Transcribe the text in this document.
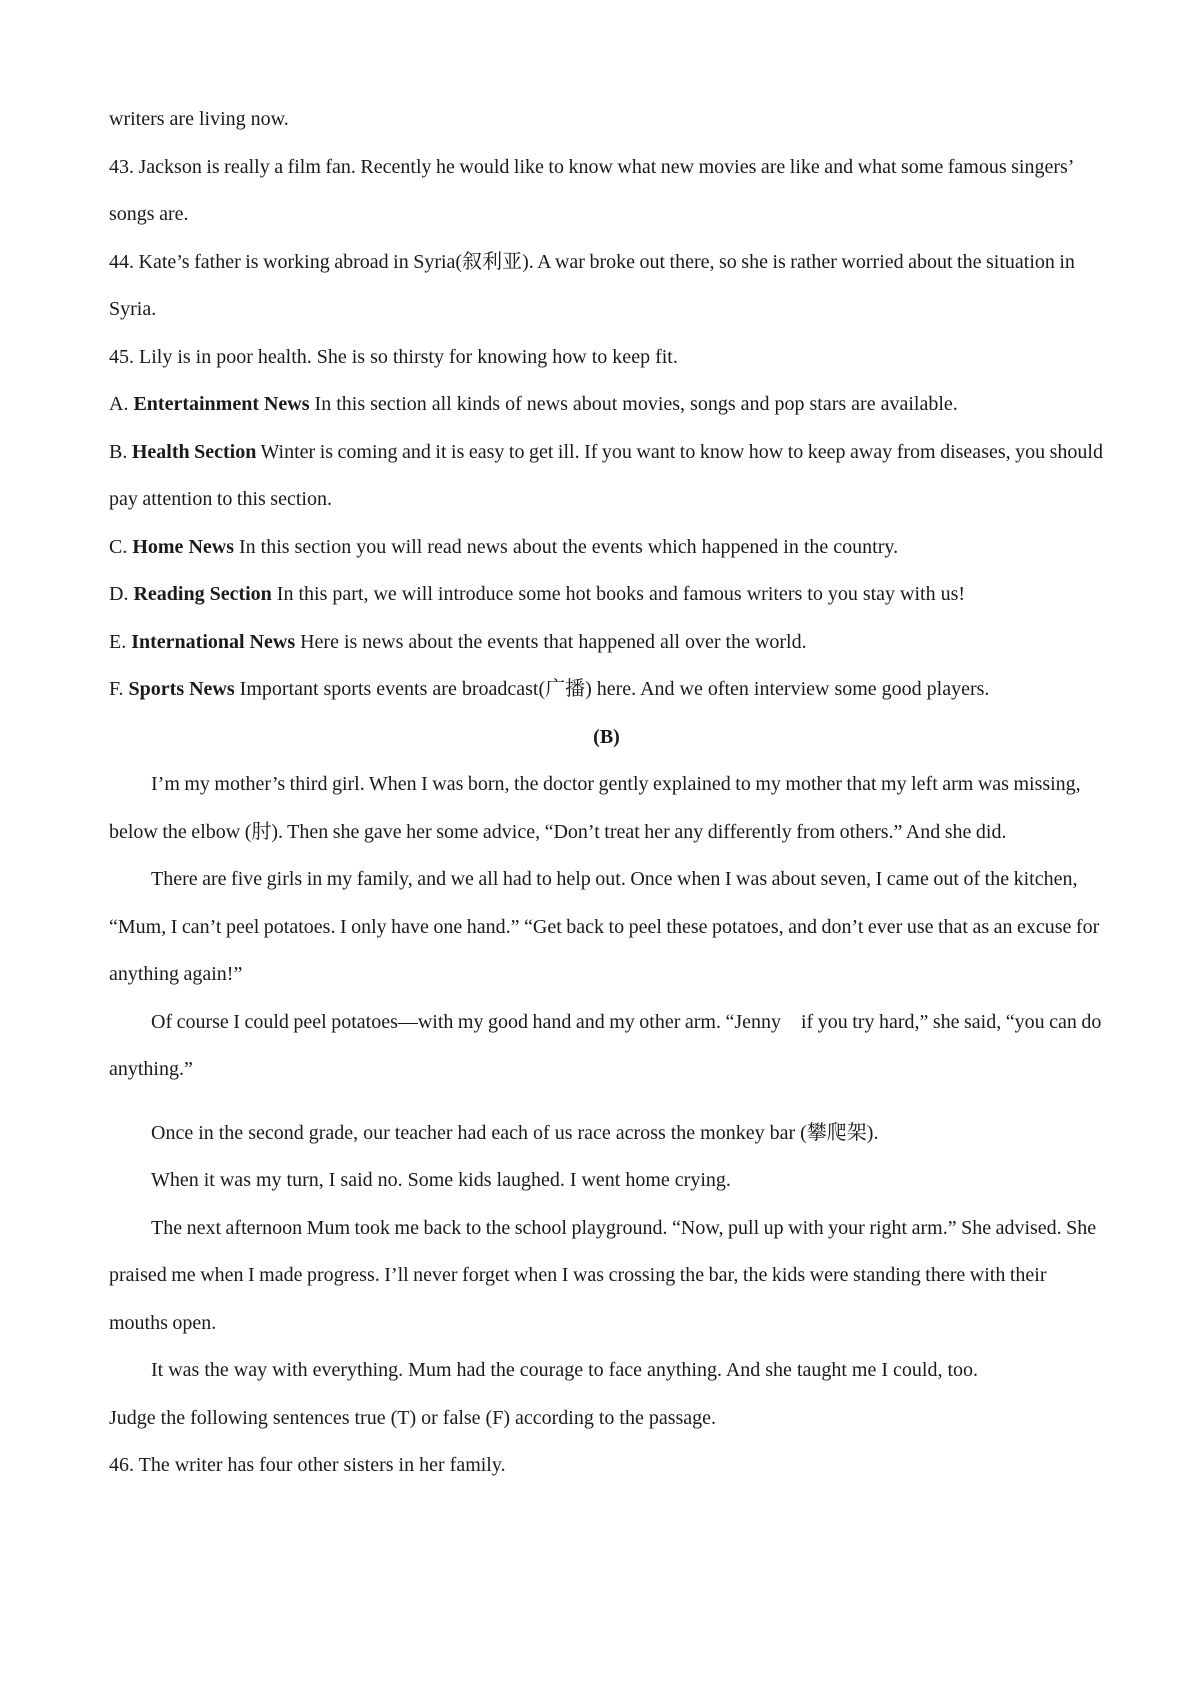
writers are living now.
43. Jackson is really a film fan. Recently he would like to know what new movies are like and what some famous singers’ songs are.
44. Kate’s father is working abroad in Syria(叙利亚). A war broke out there, so she is rather worried about the situation in Syria.
45. Lily is in poor health. She is so thirsty for knowing how to keep fit.
A. Entertainment News In this section all kinds of news about movies, songs and pop stars are available.
B. Health Section Winter is coming and it is easy to get ill. If you want to know how to keep away from diseases, you should pay attention to this section.
C. Home News In this section you will read news about the events which happened in the country.
D. Reading Section In this part, we will introduce some hot books and famous writers to you stay with us!
E. International News Here is news about the events that happened all over the world.
F. Sports News Important sports events are broadcast(广播) here. And we often interview some good players.
(B)
I’m my mother’s third girl. When I was born, the doctor gently explained to my mother that my left arm was missing, below the elbow (肘). Then she gave her some advice, “Don’t treat her any differently from others.” And she did.
There are five girls in my family, and we all had to help out. Once when I was about seven, I came out of the kitchen, “Mum, I can’t peel potatoes. I only have one hand.” “Get back to peel these potatoes, and don’t ever use that as an excuse for anything again!”
Of course I could peel potatoes—with my good hand and my other arm. “Jenny　if you try hard,” she said, “you can do anything.”
Once in the second grade, our teacher had each of us race across the monkey bar (攀爬架).
When it was my turn, I said no. Some kids laughed. I went home crying.
The next afternoon Mum took me back to the school playground. “Now, pull up with your right arm.” She advised. She praised me when I made progress. I’ll never forget when I was crossing the bar, the kids were standing there with their mouths open.
It was the way with everything. Mum had the courage to face anything. And she taught me I could, too.
Judge the following sentences true (T) or false (F) according to the passage.
46. The writer has four other sisters in her family.
